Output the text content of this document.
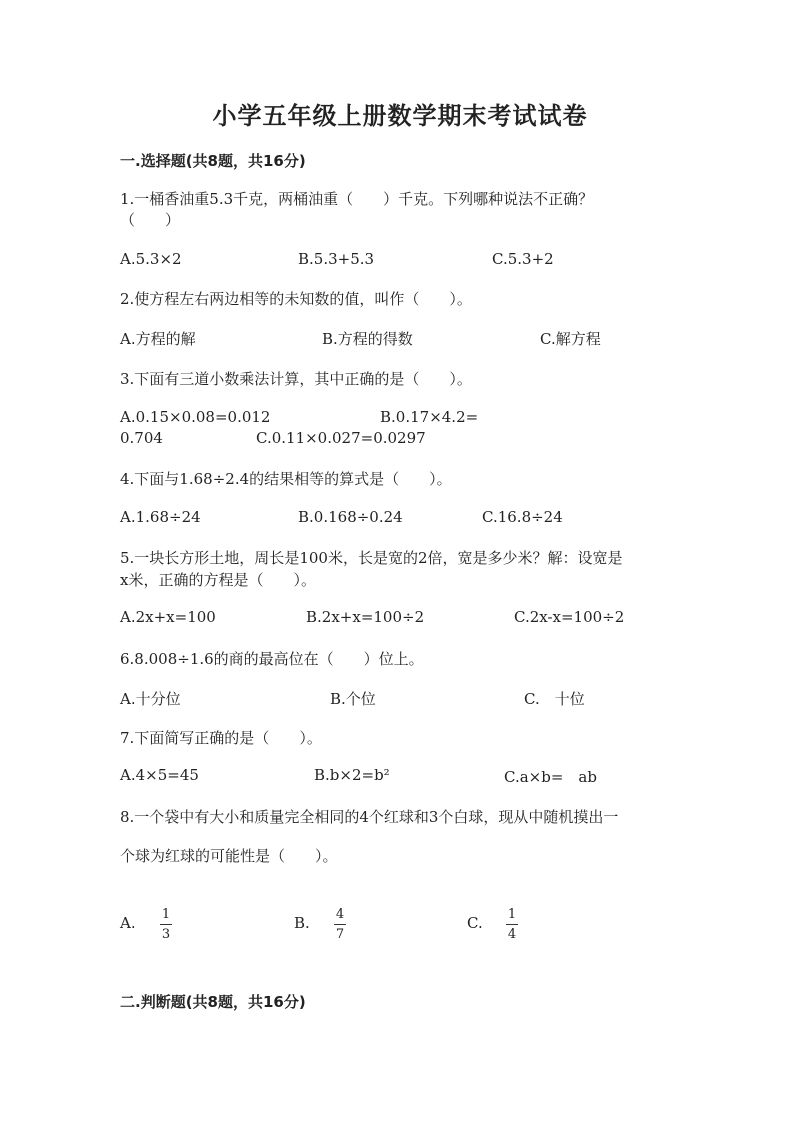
小学五年级上册数学期末考试试卷
一.选择题(共8题，共16分)
1.一桶香油重5.3千克，两桶油重（　　）千克。下列哪种说法不正确？
（　　）
A.5.3×2	B.5.3+5.3	C.5.3+2
2.使方程左右两边相等的未知数的值，叫作（　　）。
A.方程的解	B.方程的得数	C.解方程
3.下面有三道小数乘法计算，其中正确的是（　　）。
A.0.15×0.08=0.012	B.0.17×4.2=
0.704	C.0.11×0.027=0.0297
4.下面与1.68÷2.4的结果相等的算式是（　　）。
A.1.68÷24	B.0.168÷0.24	C.16.8÷24
5.一块长方形土地，周长是100米，长是宽的2倍，宽是多少米？解：设宽是
x米，正确的方程是（　　）。
A.2x+x=100	B.2x+x=100÷2	C.2x-x=100÷2
6.8.008÷1.6的商的最高位在（　　）位上。
A.十分位	B.个位	C.　十位
7.下面简写正确的是（　　）。
A.4×5=45	B.b×2=b²	C.a×b=　ab
8.一个袋中有大小和质量完全相同的4个红球和3个白球，现从中随机摸出一
个球为红球的可能性是（　　）。
A. 1
3
B. 4
7
C. 1
4
二.判断题(共8题，共16分)
